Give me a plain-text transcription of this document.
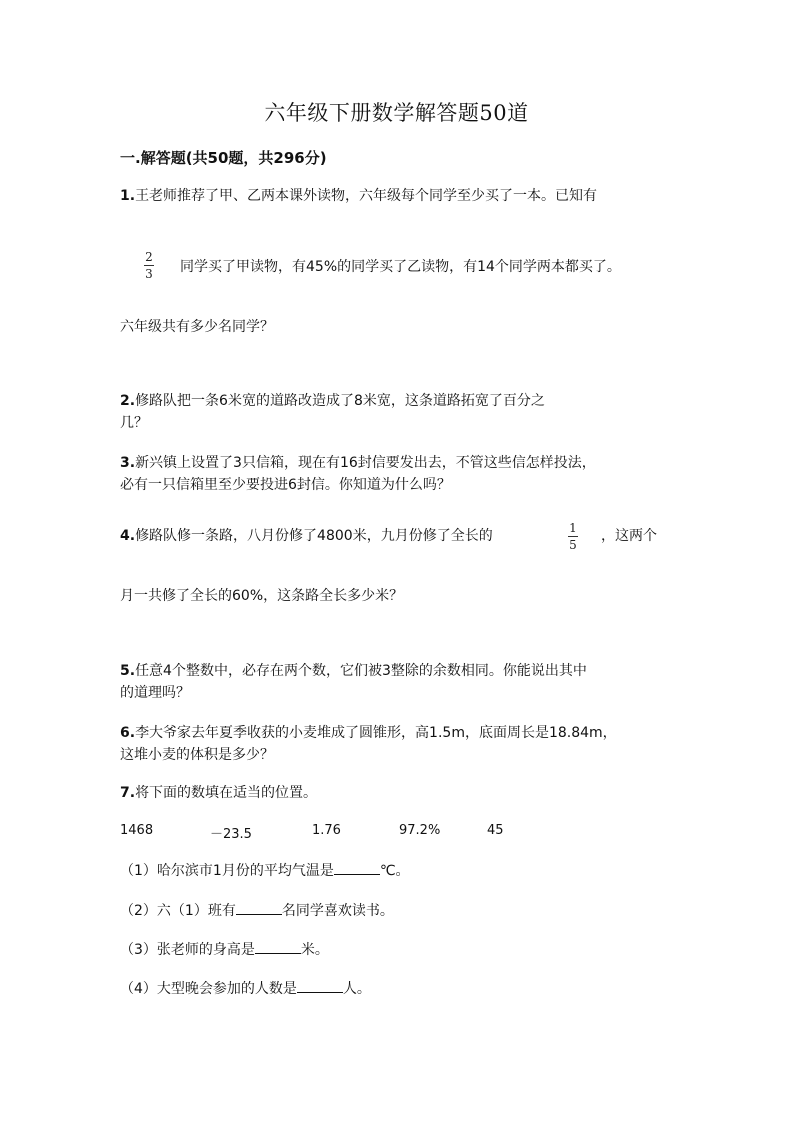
六年级下册数学解答题50道
一.解答题(共50题，共296分)
1.王老师推荐了甲、乙两本课外读物，六年级每个同学至少买了一本。已知有
2
3 同学买了甲读物，有45%的同学买了乙读物，有14个同学两本都买了。
六年级共有多少名同学？
2.修路队把一条6米宽的道路改造成了8米宽，这条道路拓宽了百分之
几？
3.新兴镇上设置了3只信箱，现在有16封信要发出去，不管这些信怎样投法，
必有一只信箱里至少要投进6封信。你知道为什么吗？
4.修路队修一条路，八月份修了4800米，九月份修了全长的	1
5
，这两个
月一共修了全长的60%，这条路全长多少米？
5.任意4个整数中，必存在两个数，它们被3整除的余数相同。你能说出其中
的道理吗？
6.李大爷家去年夏季收获的小麦堆成了圆锥形，高1.5m，底面周长是18.84m，
这堆小麦的体积是多少？
7.将下面的数填在适当的位置。
1468	－23.5	1.76	97.2%	45
（1）哈尔滨市1月份的平均气温是	℃。
（2）六（1）班有	名同学喜欢读书。
（3）张老师的身高是	米。
（4）大型晚会参加的人数是	人。
